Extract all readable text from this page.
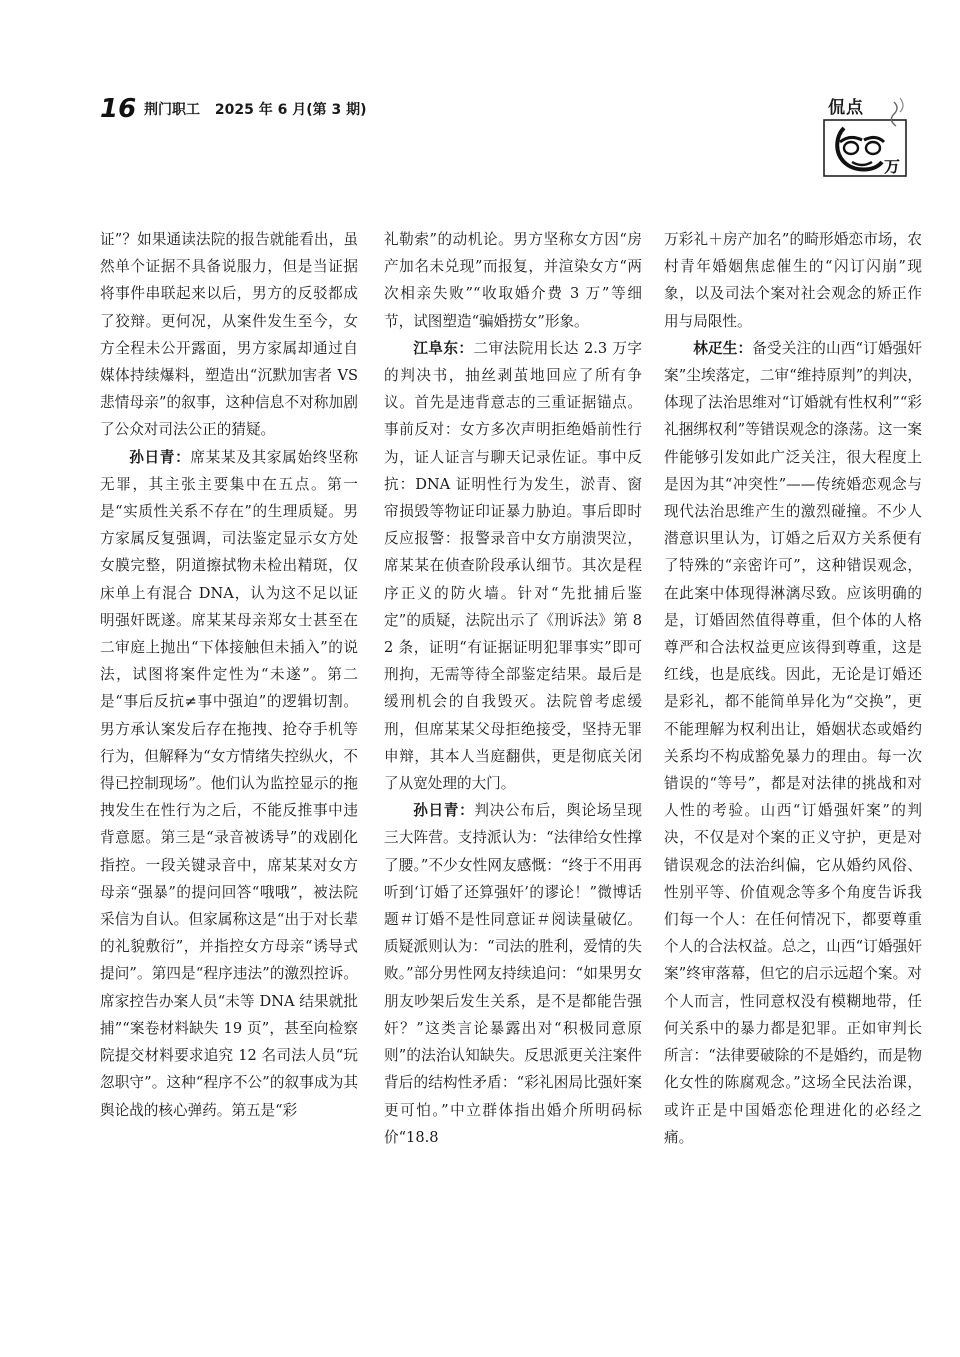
16 荆门职工 2025 年 6 月(第 3 期)
万
侃点

证”？如果通读法院的报告就能看出，虽然单个证据不具备说服力，但是当证据将事件串联起来以后，男方的反驳都成了狡辩。更何况，从案件发生至今，女方全程未公开露面，男方家属却通过自媒体持续爆料，塑造出“沉默加害者 VS 悲情母亲”的叙事，这种信息不对称加剧了公众对司法公正的猜疑。

孙日青：席某某及其家属始终坚称无罪，其主张主要集中在五点。第一是“实质性关系不存在”的生理质疑。男方家属反复强调，司法鉴定显示女方处女膜完整，阴道擦拭物未检出精斑，仅床单上有混合 DNA，认为这不足以证明强奸既遂。席某某母亲郑女士甚至在二审庭上抛出“下体接触但未插入”的说法，试图将案件定性为“未遂”。第二是“事后反抗≠事中强迫”的逻辑切割。男方承认案发后存在拖拽、抢夺手机等行为，但解释为“女方情绪失控纵火，不得已控制现场”。他们认为监控显示的拖拽发生在性行为之后，不能反推事中违背意愿。第三是“录音被诱导”的戏剧化指控。一段关键录音中，席某某对女方母亲“强暴”的提问回答“哦哦”，被法院采信为自认。但家属称这是“出于对长辈的礼貌敷衍”，并指控女方母亲“诱导式提问”。第四是“程序违法”的激烈控诉。席家控告办案人员“未等 DNA 结果就批捕”“案卷材料缺失 19 页”，甚至向检察院提交材料要求追究 12 名司法人员“玩忽职守”。这种“程序不公”的叙事成为其舆论战的核心弹药。第五是“彩

礼勒索”的动机论。男方坚称女方因“房产加名未兑现”而报复，并渲染女方“两次相亲失败”“收取婚介费 3 万”等细节，试图塑造“骗婚捞女”形象。

江阜东：二审法院用长达 2.3 万字的判决书，抽丝剥茧地回应了所有争议。首先是违背意志的三重证据锚点。事前反对：女方多次声明拒绝婚前性行为，证人证言与聊天记录佐证。事中反抗：DNA 证明性行为发生，淤青、窗帘损毁等物证印证暴力胁迫。事后即时反应报警：报警录音中女方崩溃哭泣，席某某在侦查阶段承认细节。其次是程序正义的防火墙。针对“先批捕后鉴定”的质疑，法院出示了《刑诉法》第 82 条，证明“有证据证明犯罪事实”即可刑拘，无需等待全部鉴定结果。最后是缓刑机会的自我毁灭。法院曾考虑缓刑，但席某某父母拒绝接受，坚持无罪申辩，其本人当庭翻供，更是彻底关闭了从宽处理的大门。

孙日青：判决公布后，舆论场呈现三大阵营。支持派认为：“法律给女性撑了腰。”不少女性网友感慨：“终于不用再听到‘订婚了还算强奸’的谬论！”微博话题＃订婚不是性同意证＃阅读量破亿。质疑派则认为：“司法的胜利，爱情的失败。”部分男性网友持续追问：“如果男女朋友吵架后发生关系，是不是都能告强奸？”这类言论暴露出对“积极同意原则”的法治认知缺失。反思派更关注案件背后的结构性矛盾：“彩礼困局比强奸案更可怕。”中立群体指出婚介所明码标价“18.8

万彩礼＋房产加名”的畸形婚恋市场，农村青年婚姻焦虑催生的“闪订闪崩”现象，以及司法个案对社会观念的矫正作用与局限性。

林疋生：备受关注的山西“订婚强奸案”尘埃落定，二审“维持原判”的判决，体现了法治思维对“订婚就有性权利”“彩礼捆绑权利”等错误观念的涤荡。这一案件能够引发如此广泛关注，很大程度上是因为其“冲突性”——传统婚恋观念与现代法治思维产生的激烈碰撞。不少人潜意识里认为，订婚之后双方关系便有了特殊的“亲密许可”，这种错误观念，在此案中体现得淋漓尽致。应该明确的是，订婚固然值得尊重，但个体的人格尊严和合法权益更应该得到尊重，这是红线，也是底线。因此，无论是订婚还是彩礼，都不能简单异化为“交换”，更不能理解为权利出让，婚姻状态或婚约关系均不构成豁免暴力的理由。每一次错误的“等号”，都是对法律的挑战和对人性的考验。山西“订婚强奸案”的判决，不仅是对个案的正义守护，更是对错误观念的法治纠偏，它从婚约风俗、性别平等、价值观念等多个角度告诉我们每一个人：在任何情况下，都要尊重个人的合法权益。总之，山西“订婚强奸案”终审落幕，但它的启示远超个案。对个人而言，性同意权没有模糊地带，任何关系中的暴力都是犯罪。正如审判长所言：“法律要破除的不是婚约，而是物化女性的陈腐观念。”这场全民法治课，或许正是中国婚恋伦理进化的必经之痛。
